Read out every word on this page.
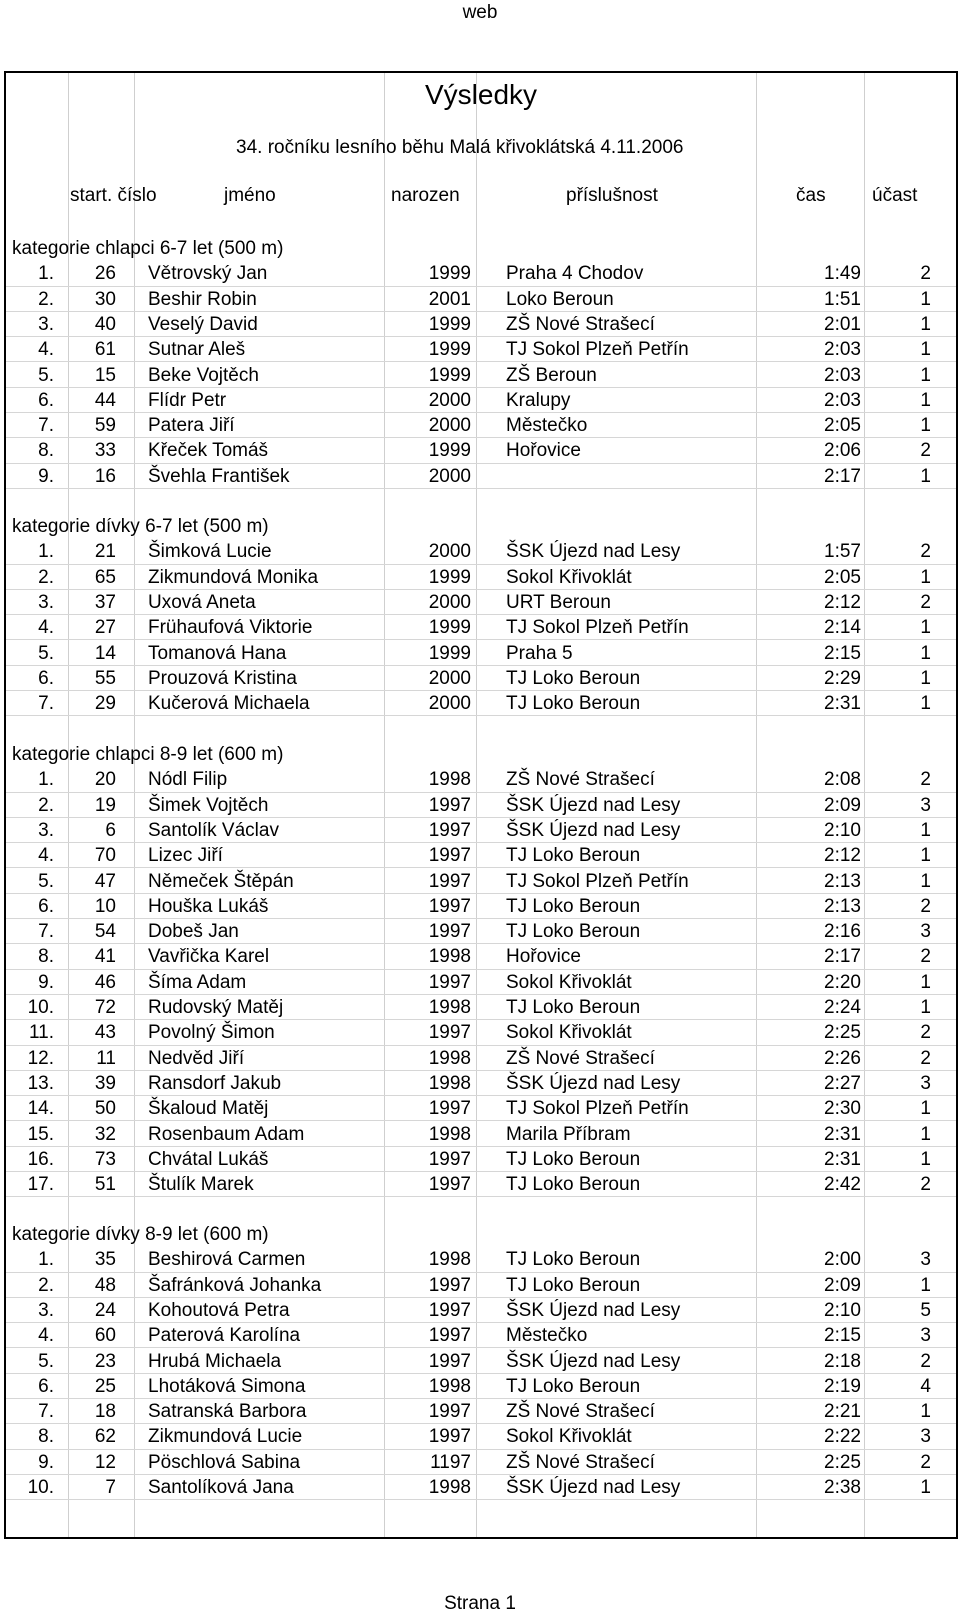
web
Výsledky
34. ročníku lesního běhu Malá křivoklátská 4.11.2006
start. číslo	jméno	narozen	příslušnost	čas účast
kategorie chlapci 6-7 let (500 m)
1.	26 Větrovský Jan	1999 Praha 4 Chodov	1:49	2
2.	30 Beshir Robin	2001 Loko Beroun	1:51	1
3.	40 Veselý David	1999 ZŠ Nové Strašecí	2:01	1
4.	61 Sutnar Aleš	1999 TJ Sokol Plzeň Petřín	2:03	1
5.	15 Beke Vojtěch	1999 ZŠ Beroun	2:03	1
6.	44 Flídr Petr	2000 Kralupy	2:03	1
7.	59 Patera Jiří	2000 Městečko	2:05	1
8.	33 Křeček Tomáš	1999 Hořovice	2:06	2
9.	16 Švehla František	2000	2:17	1
kategorie dívky 6-7 let (500 m)
1.	21 Šimková Lucie	2000 ŠSK Újezd nad Lesy	1:57	2
2.	65 Zikmundová Monika	1999 Sokol Křivoklát	2:05	1
3.	37 Uxová Aneta	2000 URT Beroun	2:12	2
4.	27 Frühaufová Viktorie	1999 TJ Sokol Plzeň Petřín	2:14	1
5.	14 Tomanová Hana	1999 Praha 5	2:15	1
6.	55 Prouzová Kristina	2000 TJ Loko Beroun	2:29	1
7.	29 Kučerová Michaela	2000 TJ Loko Beroun	2:31	1
kategorie chlapci 8-9 let (600 m)
1.	20 Nódl Filip	1998 ZŠ Nové Strašecí	2:08	2
2.	19 Šimek Vojtěch	1997 ŠSK Újezd nad Lesy	2:09	3
3.	6 Santolík Václav	1997 ŠSK Újezd nad Lesy	2:10	1
4.	70 Lizec Jiří	1997 TJ Loko Beroun	2:12	1
5.	47 Němeček Štěpán	1997 TJ Sokol Plzeň Petřín	2:13	1
6.	10 Houška Lukáš	1997 TJ Loko Beroun	2:13	2
7.	54 Dobeš Jan	1997 TJ Loko Beroun	2:16	3
8.	41 Vavřička Karel	1998 Hořovice	2:17	2
9.	46 Šíma Adam	1997 Sokol Křivoklát	2:20	1
10.	72 Rudovský Matěj	1998 TJ Loko Beroun	2:24	1
11.	43 Povolný Šimon	1997 Sokol Křivoklát	2:25	2
12.	11 Nedvěd Jiří	1998 ZŠ Nové Strašecí	2:26	2
13.	39 Ransdorf Jakub	1998 ŠSK Újezd nad Lesy	2:27	3
14.	50 Škaloud Matěj	1997 TJ Sokol Plzeň Petřín	2:30	1
15.	32 Rosenbaum Adam	1998 Marila Příbram	2:31	1
16.	73 Chvátal Lukáš	1997 TJ Loko Beroun	2:31	1
17.	51 Štulík Marek	1997 TJ Loko Beroun	2:42	2
kategorie dívky 8-9 let (600 m)
1.	35 Beshirová Carmen	1998 TJ Loko Beroun	2:00	3
2.	48 Šafránková Johanka	1997 TJ Loko Beroun	2:09	1
3.	24 Kohoutová Petra	1997 ŠSK Újezd nad Lesy	2:10	5
4.	60 Paterová Karolína	1997 Městečko	2:15	3
5.	23 Hrubá Michaela	1997 ŠSK Újezd nad Lesy	2:18	2
6.	25 Lhotáková Simona	1998 TJ Loko Beroun	2:19	4
7.	18 Satranská Barbora	1997 ZŠ Nové Strašecí	2:21	1
8.	62 Zikmundová Lucie	1997 Sokol Křivoklát	2:22	3
9.	12 Pöschlová Sabina	1197 ZŠ Nové Strašecí	2:25	2
10.	7 Santolíková Jana	1998 ŠSK Újezd nad Lesy	2:38	1
Strana 1
